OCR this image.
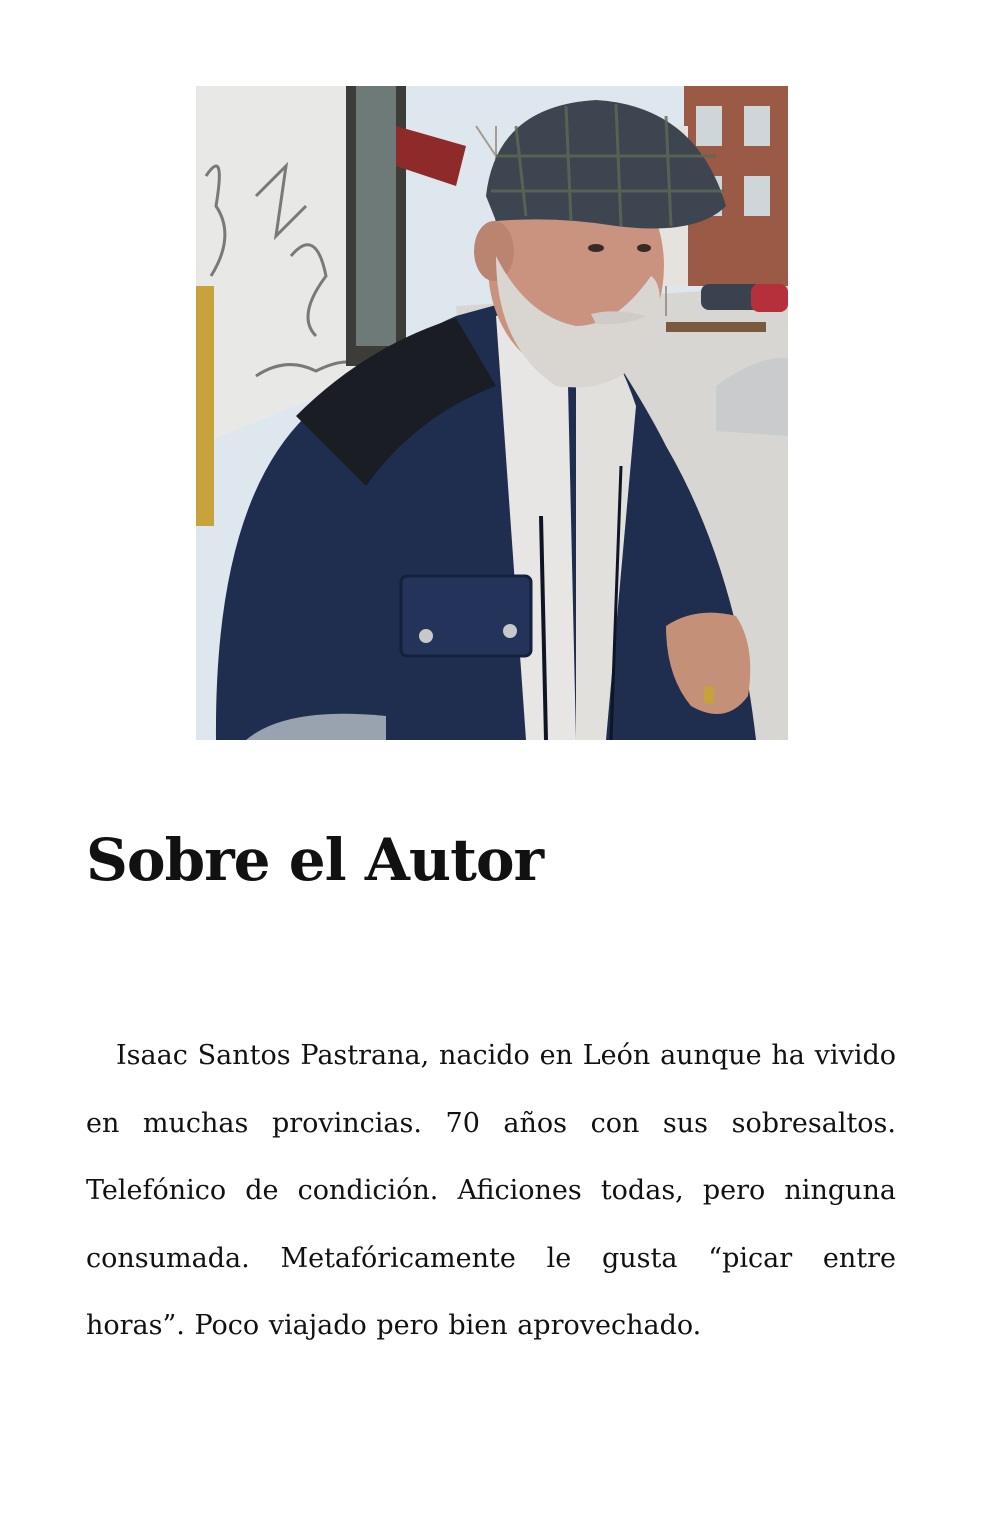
Sobre el Autor

Isaac Santos Pastrana, nacido en León aunque ha vivido en muchas provincias. 70 años con sus sobresaltos. Telefónico de condición. Aficiones todas, pero ninguna consumada. Metafóricamente le gusta “picar entre horas”. Poco viajado pero bien aprovechado.
